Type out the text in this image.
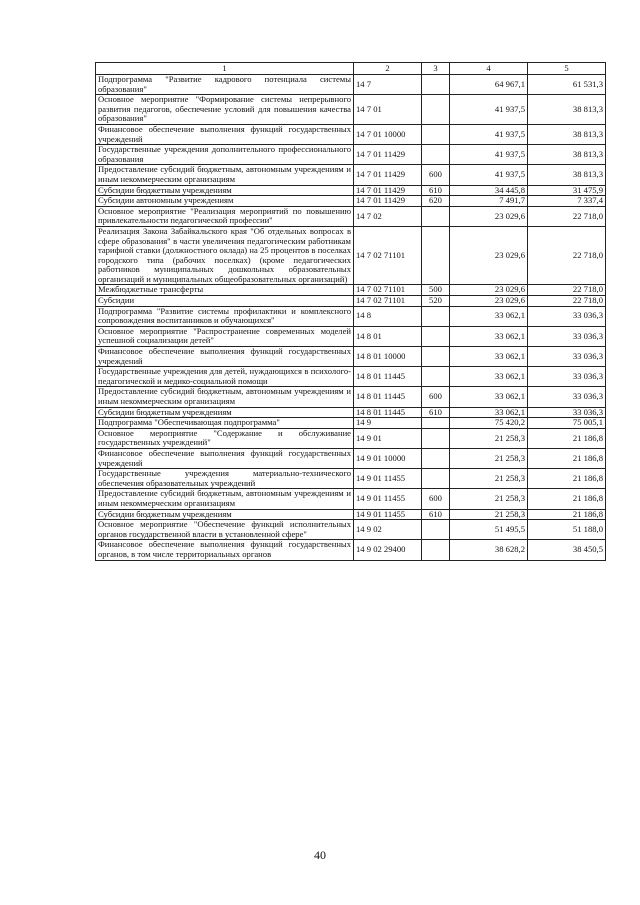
1	2	3	4	5
Подпрограмма "Развитие кадрового потенциала системы образования"	14 7		64 967,1	61 531,3
Основное мероприятие "Формирование системы непрерывного развития педагогов, обеспечение условий для повышения качества образования"	14 7 01		41 937,5	38 813,3
Финансовое обеспечение выполнения функций государственных учреждений	14 7 01 10000		41 937,5	38 813,3
Государственные учреждения дополнительного профессионального образования	14 7 01 11429		41 937,5	38 813,3
Предоставление субсидий бюджетным, автономным учреждениям и иным некоммерческим организациям	14 7 01 11429	600	41 937,5	38 813,3
Субсидии бюджетным учреждениям	14 7 01 11429	610	34 445,8	31 475,9
Субсидии автономным учреждениям	14 7 01 11429	620	7 491,7	7 337,4
Основное мероприятие "Реализация мероприятий по повышению привлекательности педагогической профессии"	14 7 02		23 029,6	22 718,0
Реализация Закона Забайкальского края "Об отдельных вопросах в сфере образования" в части увеличения педагогическим работникам тарифной ставки (должностного оклада) на 25 процентов в поселках городского типа (рабочих поселках) (кроме педагогических работников муниципальных дошкольных образовательных организаций и муниципальных общеобразовательных организаций)	14 7 02 71101		23 029,6	22 718,0
Межбюджетные трансферты	14 7 02 71101	500	23 029,6	22 718,0
Субсидии	14 7 02 71101	520	23 029,6	22 718,0
Подпрограмма "Развитие системы профилактики и комплексного сопровождения воспитанников и обучающихся"	14 8		33 062,1	33 036,3
Основное мероприятие "Распространение современных моделей успешной социализации детей"	14 8 01		33 062,1	33 036,3
Финансовое обеспечение выполнения функций государственных учреждений	14 8 01 10000		33 062,1	33 036,3
Государственные учреждения для детей, нуждающихся в психолого-педагогической и медико-социальной помощи	14 8 01 11445		33 062,1	33 036,3
Предоставление субсидий бюджетным, автономным учреждениям и иным некоммерческим организациям	14 8 01 11445	600	33 062,1	33 036,3
Субсидии бюджетным учреждениям	14 8 01 11445	610	33 062,1	33 036,3
Подпрограмма "Обеспечивающая подпрограмма"	14 9		75 420,2	75 005,1
Основное мероприятие "Содержание и обслуживание государственных учреждений"	14 9 01		21 258,3	21 186,8
Финансовое обеспечение выполнения функций государственных учреждений	14 9 01 10000		21 258,3	21 186,8
Государственные учреждения материально-технического обеспечения образовательных учреждений	14 9 01 11455		21 258,3	21 186,8
Предоставление субсидий бюджетным, автономным учреждениям и иным некоммерческим организациям	14 9 01 11455	600	21 258,3	21 186,8
Субсидии бюджетным учреждениям	14 9 01 11455	610	21 258,3	21 186,8
Основное мероприятие "Обеспечение функций исполнительных органов государственной власти в установленной сфере"	14 9 02		51 495,5	51 188,0
Финансовое обеспечение выполнения функций государственных органов, в том числе территориальных органов	14 9 02 29400		38 628,2	38 450,5
40
